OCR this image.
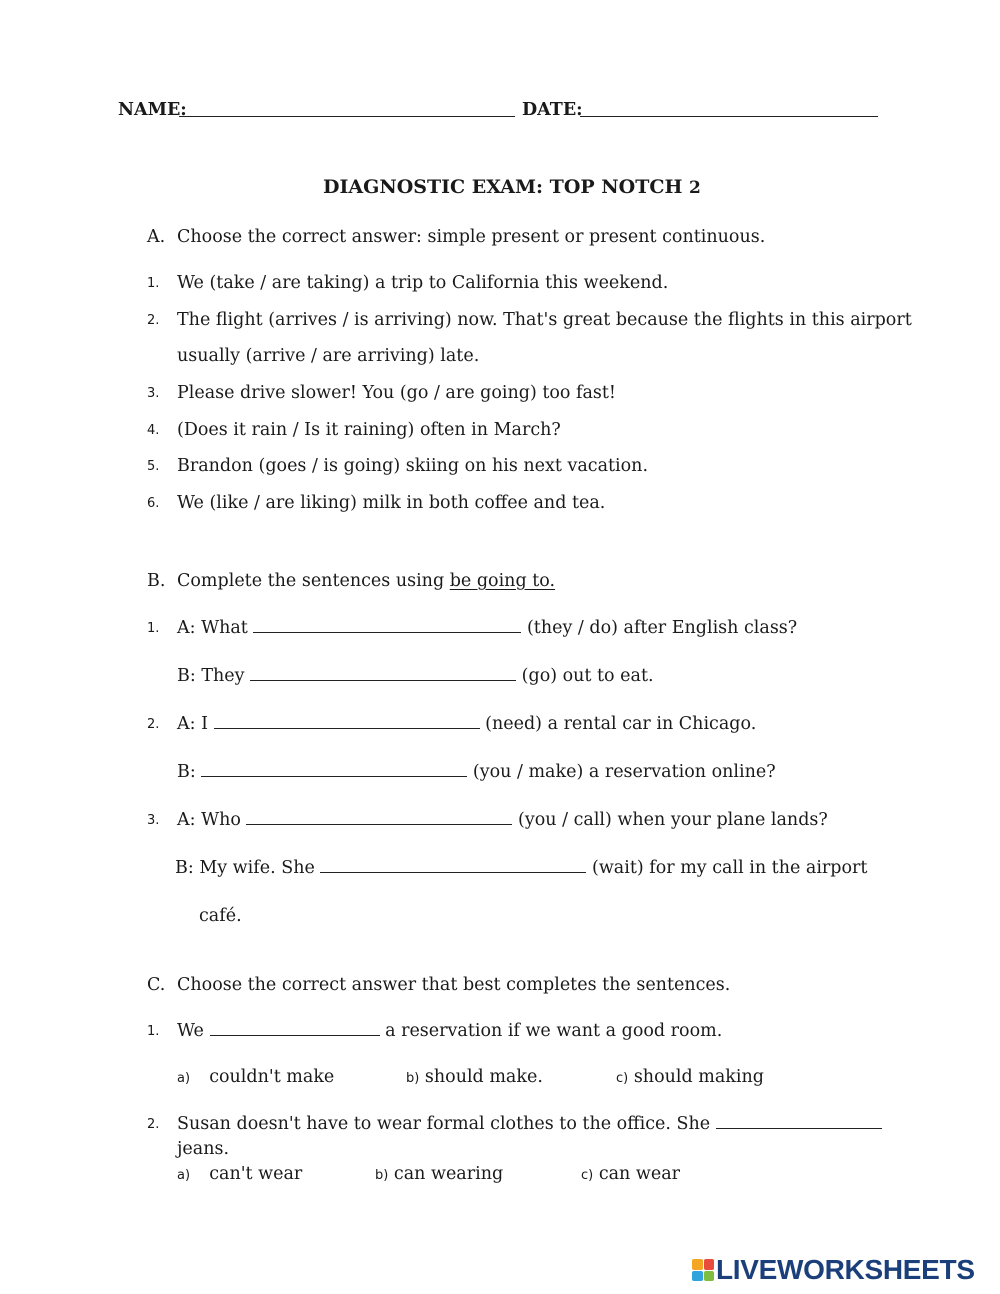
NAME:	DATE:
DIAGNOSTIC EXAM: TOP NOTCH 2
A. Choose the correct answer: simple present or present continuous.
1. We (take / are taking) a trip to California this weekend.
2. The flight (arrives / is arriving) now. That's great because the flights in this airport
usually (arrive / are arriving) late.
3. Please drive slower! You (go / are going) too fast!
4. (Does it rain / Is it raining) often in March?
5. Brandon (goes / is going) skiing on his next vacation.
6. We (like / are liking) milk in both coffee and tea.
B. Complete the sentences using be going to.
1. A: What	(they / do) after English class?
B: They	(go) out to eat.
2. A: I	(need) a rental car in Chicago.
B:	(you / make) a reservation online?
3. A: Who	(you / call) when your plane lands?
B: My wife. She	(wait) for my call in the airport
café.
C. Choose the correct answer that best completes the sentences.
1. We	a reservation if we want a good room.
a) couldn't make	b) should make.	c) should making
2. Susan doesn't have to wear formal clothes to the office. She
jeans.
a) can't wear	b) can wearing	c) can wear
LIVEWORKSHEETS
